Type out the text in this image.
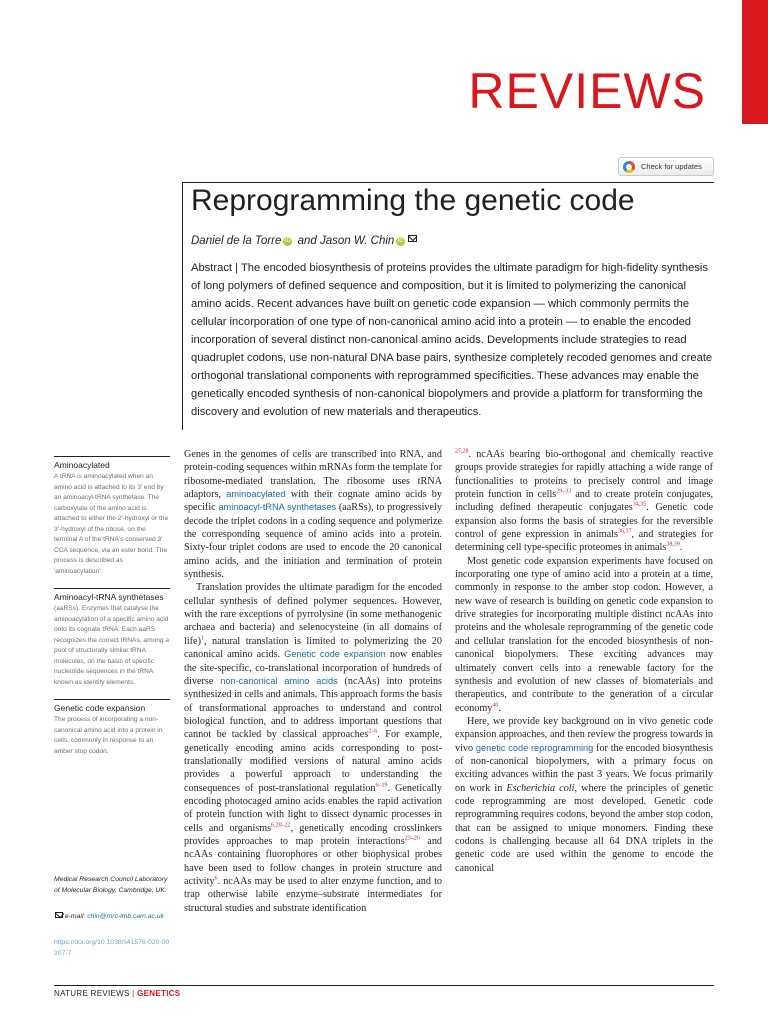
REVIEWS
Check for updates
Reprogramming the genetic code
Daniel de la Torre iD
and
Jason W. Chin iD
Abstract | The encoded biosynthesis of proteins provides the ultimate paradigm for high-fidelity synthesis of long polymers of defined sequence and composition, but it is limited to polymerizing the canonical amino acids. Recent advances have built on genetic code expansion — which commonly permits the cellular incorporation of one type of non-canonical amino acid into a protein — to enable the encoded incorporation of several distinct non-canonical amino acids. Developments include strategies to read quadruplet codons, use non-natural DNA base pairs, synthesize completely recoded genomes and create orthogonal translational components with reprogrammed specificities. These advances may enable the genetically encoded synthesis of non-canonical biopolymers and provide a platform for transforming the discovery and evolution of new materials and therapeutics.
Aminoacylated
A tRNA is aminoacylated when an amino acid is attached to its 3′ end by an aminoacyl-tRNA synthetase. The carboxylate of the amino acid is attached to either the 2′-hydroxyl or the 3′-hydroxyl of the ribose, on the terminal A of the tRNA's conserved 3′ CCA sequence, via an ester bond. The process is described as 'aminoacylation'.
Aminoacyl-tRNA synthetases
(aaRSs). Enzymes that catalyse the aminoacylation of a specific amino acid onto its cognate tRNA. Each aaRS recognizes the correct tRNAs, among a pool of structurally similar tRNA molecules, on the basis of specific nucleotide sequences in the tRNA known as identity elements.
Genetic code expansion
The process of incorporating a non-canonical amino acid into a protein in cells, commonly in response to an amber stop codon.
Medical Research Council Laboratory of Molecular Biology, Cambridge, UK.
e-mail: chin@mrc-lmb.cam.ac.uk
https://doi.org/10.1038/s41576-020-00307-7

Genes in the genomes of cells are transcribed into RNA, and protein-coding sequences within mRNAs form the template for ribosome-mediated translation. The ribosome uses tRNA adaptors, aminoacylated with their cognate amino acids by specific aminoacyl-tRNA synthetases (aaRSs), to progressively decode the triplet codons in a coding sequence and polymerize the corresponding sequence of amino acids into a protein. Sixty-four triplet codons are used to encode the 20 canonical amino acids, and the initiation and termination of protein synthesis.

Translation provides the ultimate paradigm for the encoded cellular synthesis of defined polymer sequences. However, with the rare exceptions of pyrrolysine (in some methanogenic archaea and bacteria) and selenocysteine (in all domains of life)$^1$, natural translation is limited to polymerizing the 20 canonical amino acids. Genetic code expansion now enables the site-specific, co-translational incorporation of hundreds of diverse non-canonical amino acids (ncAAs) into proteins synthesized in cells and animals. This approach forms the basis of transformational approaches to understand and control biological function, and to address important questions that cannot be tackled by classical approaches$^{2-6}$. For example, genetically encoding amino acids corresponding to post-translationally modified versions of natural amino acids provides a powerful approach to understanding the consequences of post-translational regulation$^{6-19}$. Genetically encoding photocaged amino acids enables the rapid activation of protein function with light to dissect dynamic processes in cells and organisms$^{6,20-22}$, genetically encoding crosslinkers provides approaches to map protein interactions$^{23-26}$ and ncAAs containing fluorophores or other biophysical probes have been used to follow changes in protein structure and activity$^6$. ncAAs may be used to alter enzyme function, and to trap otherwise labile enzyme–substrate intermediates for structural studies and substrate identification

$^{27,28}$. ncAAs bearing bio-orthogonal and chemically reactive groups provide strategies for rapidly attaching a wide range of functionalities to proteins to precisely control and image protein function in cells$^{29-33}$ and to create protein conjugates, including defined therapeutic conjugates$^{34,35}$. Genetic code expansion also forms the basis of strategies for the reversible control of gene expression in animals$^{36,37}$, and strategies for determining cell type-specific proteomes in animals$^{38,39}$.

Most genetic code expansion experiments have focused on incorporating one type of amino acid into a protein at a time, commonly in response to the amber stop codon. However, a new wave of research is building on genetic code expansion to drive strategies for incorporating multiple distinct ncAAs into proteins and the wholesale reprogramming of the genetic code and cellular translation for the encoded biosynthesis of non-canonical biopolymers. These exciting advances may ultimately convert cells into a renewable factory for the synthesis and evolution of new classes of biomaterials and therapeutics, and contribute to the generation of a circular economy$^{40}$.

Here, we provide key background on in vivo genetic code expansion approaches, and then review the progress towards in vivo genetic code reprogramming for the encoded biosynthesis of non-canonical biopolymers, with a primary focus on exciting advances within the past 3 years. We focus primarily on work in Escherichia coli, where the principles of genetic code reprogramming are most developed. Genetic code reprogramming requires codons, beyond the amber stop codon, that can be assigned to unique monomers. Finding these codons is challenging because all 64 DNA triplets in the genetic code are used within the genome to encode the canonical

NATURE REVIEWS | GENETICS
